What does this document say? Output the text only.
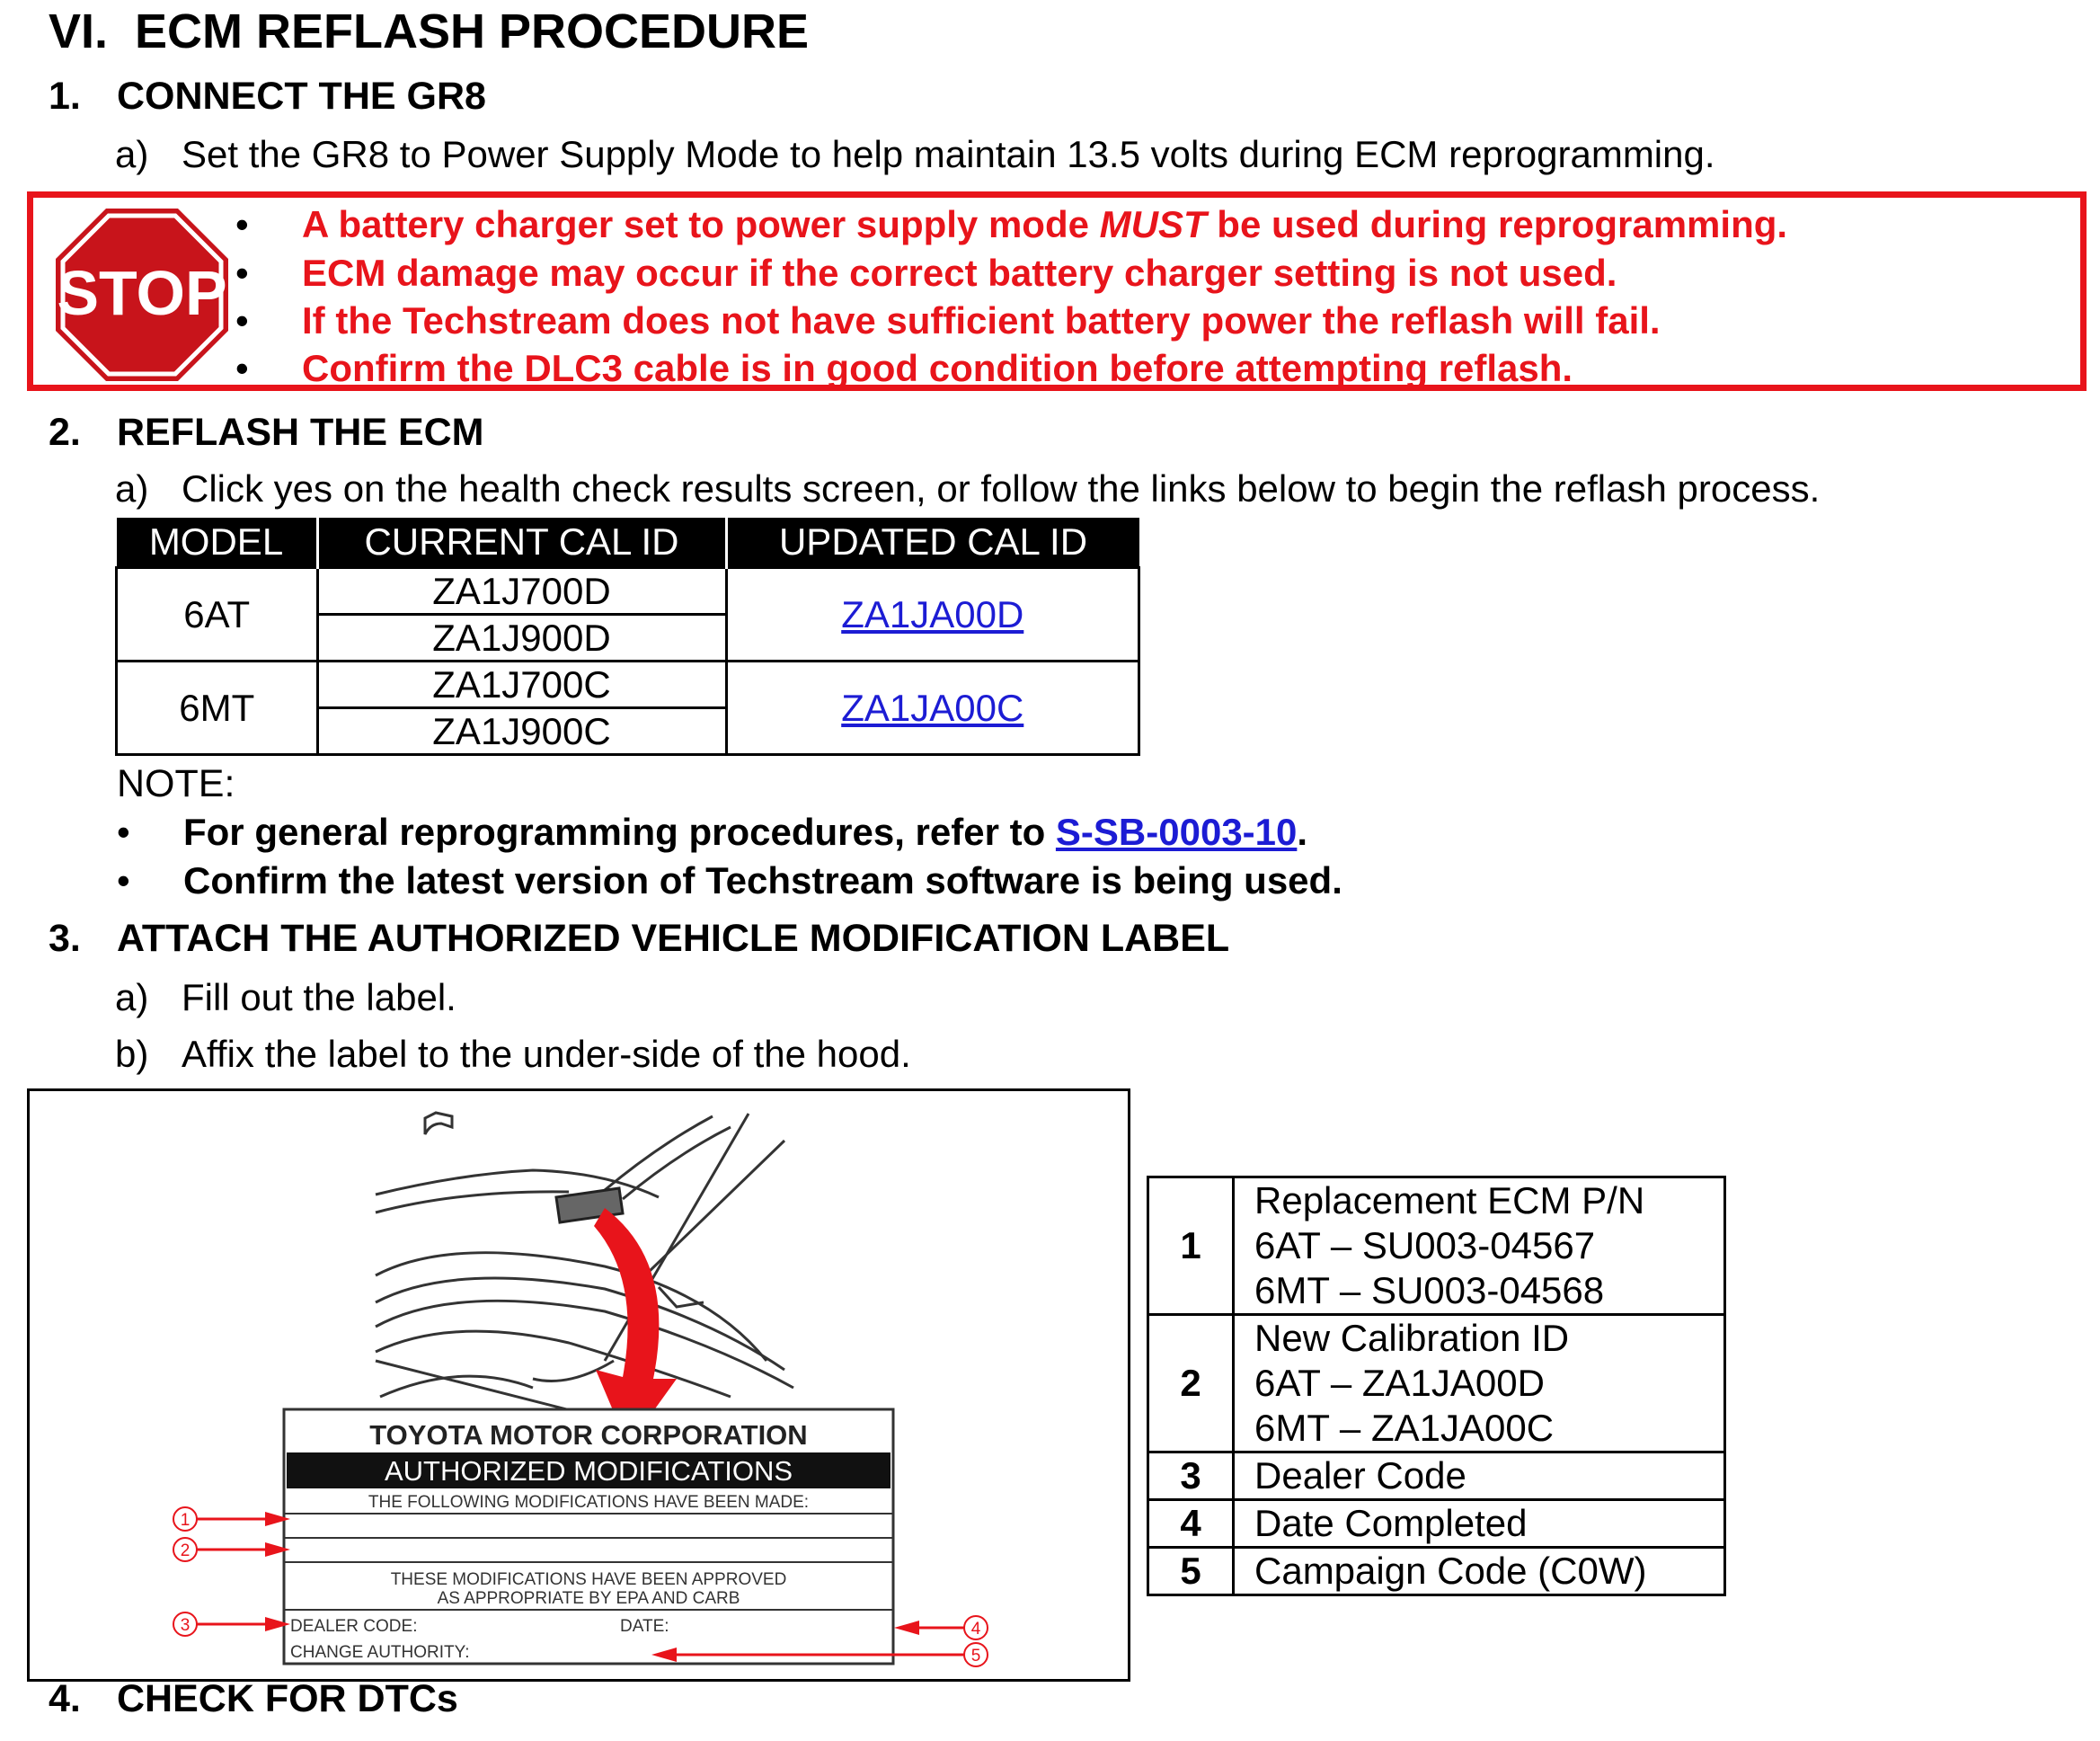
VI.  ECM REFLASH PROCEDURE
1. CONNECT THE GR8
a) Set the GR8 to Power Supply Mode to help maintain 13.5 volts during ECM reprogramming.
STOP
• A battery charger set to power supply mode MUST be used during reprogramming.
• ECM damage may occur if the correct battery charger setting is not used.
• If the Techstream does not have sufficient battery power the reflash will fail.
• Confirm the DLC3 cable is in good condition before attempting reflash.
2. REFLASH THE ECM
a) Click yes on the health check results screen, or follow the links below to begin the reflash process.
MODEL	CURRENT CAL ID	UPDATED CAL ID
6AT	ZA1J700D	ZA1JA00D
	ZA1J900D	
6MT	ZA1J700C	ZA1JA00C
	ZA1J900C	
NOTE:
• For general reprogramming procedures, refer to S-SB-0003-10.
• Confirm the latest version of Techstream software is being used.
3. ATTACH THE AUTHORIZED VEHICLE MODIFICATION LABEL
a) Fill out the label.
b) Affix the label to the under-side of the hood.
TOYOTA MOTOR CORPORATION
AUTHORIZED MODIFICATIONS
THE FOLLOWING MODIFICATIONS HAVE BEEN MADE:
THESE MODIFICATIONS HAVE BEEN APPROVED
AS APPROPRIATE BY EPA AND CARB
DEALER CODE:	DATE:
CHANGE AUTHORITY:
1
2
3	4
5
1	Replacement ECM P/N
6AT – SU003-04567
6MT – SU003-04568

2	New Calibration ID
6AT – ZA1JA00D
6MT – ZA1JA00C

3	Dealer Code
4	Date Completed
5	Campaign Code (C0W)
4. CHECK FOR DTCs
